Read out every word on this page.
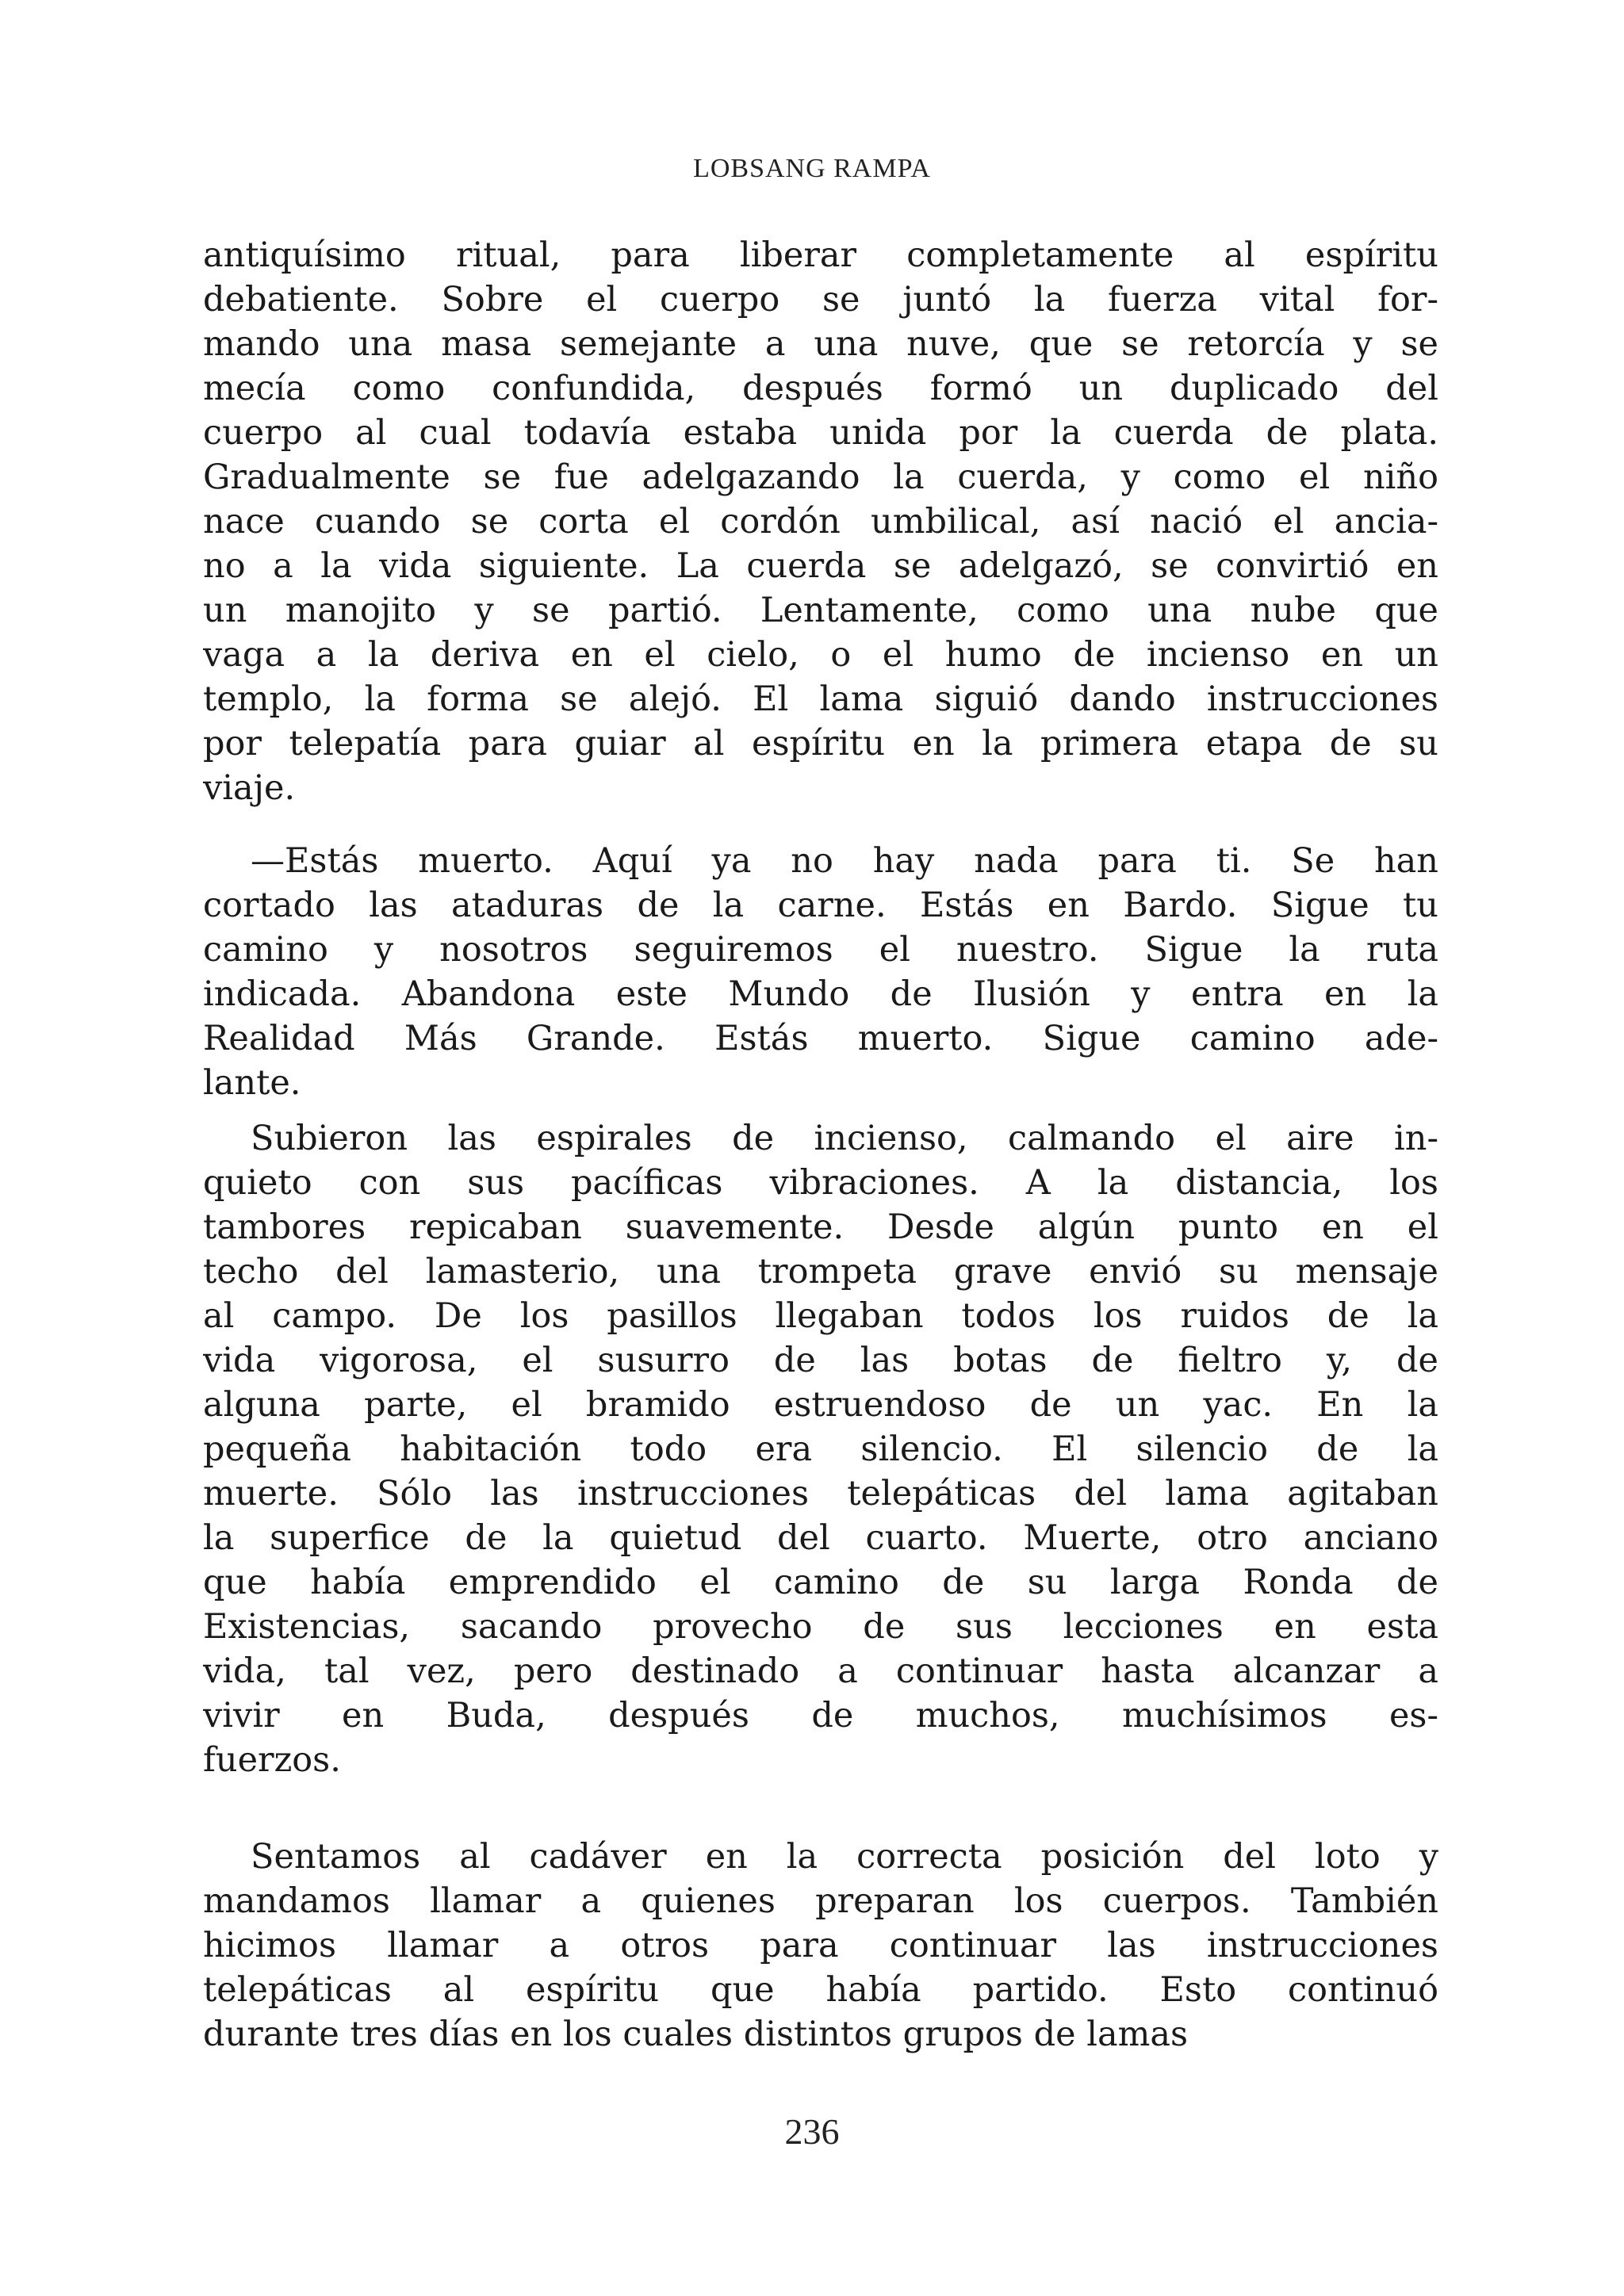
LOBSANG RAMPA
antiquísimo ritual, para liberar completamente al espíritu
debatiente. Sobre el cuerpo se juntó la fuerza vital for-
mando una masa semejante a una nuve, que se retorcía y se
mecía como confundida, después formó un duplicado del
cuerpo al cual todavía estaba unida por la cuerda de plata.
Gradualmente se fue adelgazando la cuerda, y como el niño
nace cuando se corta el cordón umbilical, así nació el ancia-
no a la vida siguiente. La cuerda se adelgazó, se convirtió en
un manojito y se partió. Lentamente, como una nube que
vaga a la deriva en el cielo, o el humo de incienso en un
templo, la forma se alejó. El lama siguió dando instrucciones
por telepatía para guiar al espíritu en la primera etapa de su
viaje.
—Estás muerto. Aquí ya no hay nada para ti. Se han
cortado las ataduras de la carne. Estás en Bardo. Sigue tu
camino y nosotros seguiremos el nuestro. Sigue la ruta
indicada. Abandona este Mundo de Ilusión y entra en la
Realidad Más Grande. Estás muerto. Sigue camino ade-
lante.
Subieron las espirales de incienso, calmando el aire in-
quieto con sus pacíficas vibraciones. A la distancia, los
tambores repicaban suavemente. Desde algún punto en el
techo del lamasterio, una trompeta grave envió su mensaje
al campo. De los pasillos llegaban todos los ruidos de la
vida vigorosa, el susurro de las botas de fieltro y, de
alguna parte, el bramido estruendoso de un yac. En la
pequeña habitación todo era silencio. El silencio de la
muerte. Sólo las instrucciones telepáticas del lama agitaban
la superfice de la quietud del cuarto. Muerte, otro anciano
que había emprendido el camino de su larga Ronda de
Existencias, sacando provecho de sus lecciones en esta
vida, tal vez, pero destinado a continuar hasta alcanzar a
vivir en Buda, después de muchos, muchísimos es-
fuerzos.
Sentamos al cadáver en la correcta posición del loto y
mandamos llamar a quienes preparan los cuerpos. También
hicimos llamar a otros para continuar las instrucciones
telepáticas al espíritu que había partido. Esto continuó
durante tres días en los cuales distintos grupos de lamas
236
